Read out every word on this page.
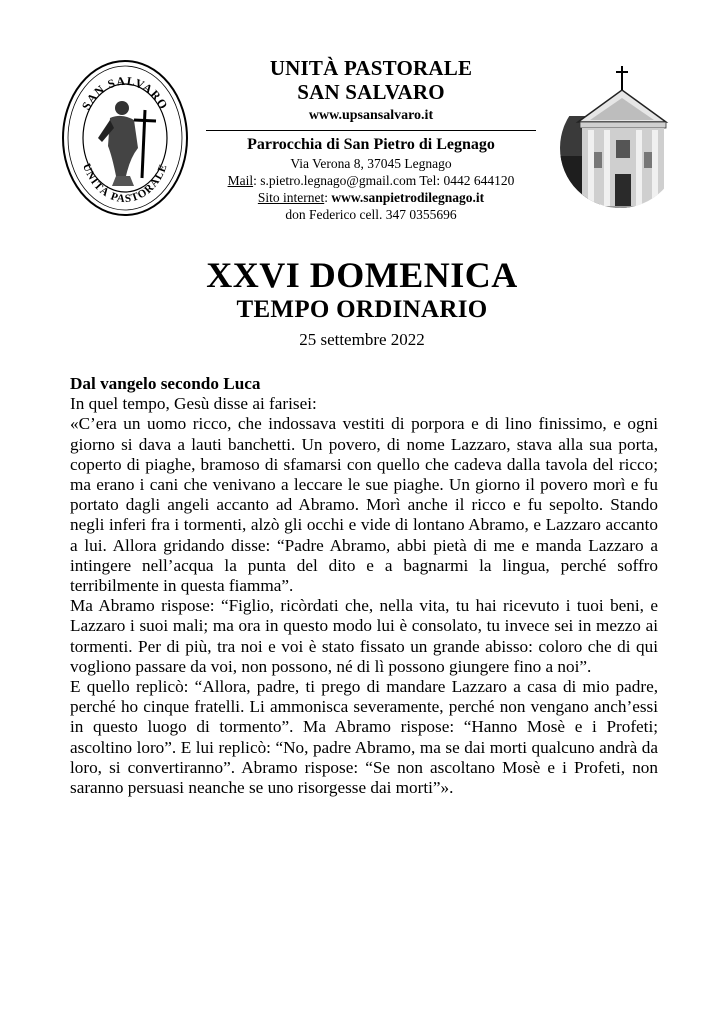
SAN SALVARO
UNITÀ PASTORALE
UNITÀ PASTORALE
SAN SALVARO
www.upsansalvaro.it
Parrocchia di San Pietro di Legnago
Via Verona 8, 37045 Legnago
Mail: s.pietro.legnago@gmail.com Tel: 0442 644120
Sito internet: www.sanpietrodilegnago.it
don Federico cell. 347 0355696
XXVI DOMENICA
TEMPO ORDINARIO
25 settembre 2022
Dal vangelo secondo Luca

In quel tempo, Gesù disse ai farisei:

«C’era un uomo ricco, che indossava vestiti di porpora e di lino finissimo, e ogni giorno si dava a lauti banchetti. Un povero, di nome Lazzaro, stava alla sua porta, coperto di piaghe, bramoso di sfamarsi con quello che cadeva dalla tavola del ricco; ma erano i cani che venivano a leccare le sue piaghe. Un giorno il povero morì e fu portato dagli angeli accanto ad Abramo. Morì anche il ricco e fu sepolto. Stando negli inferi fra i tormenti, alzò gli occhi e vide di lontano Abramo, e Lazzaro accanto a lui. Allora gridando disse: “Padre Abramo, abbi pietà di me e manda Lazzaro a intingere nell’acqua la punta del dito e a bagnarmi la lingua, perché soffro terribilmente in questa fiamma”.

Ma Abramo rispose: “Figlio, ricòrdati che, nella vita, tu hai ricevuto i tuoi beni, e Lazzaro i suoi mali; ma ora in questo modo lui è consolato, tu invece sei in mezzo ai tormenti. Per di più, tra noi e voi è stato fissato un grande abisso: coloro che di qui vogliono passare da voi, non possono, né di lì possono giungere fino a noi”.

E quello replicò: “Allora, padre, ti prego di mandare Lazzaro a casa di mio padre, perché ho cinque fratelli. Li ammonisca severamente, perché non vengano anch’essi in questo luogo di tormento”. Ma Abramo rispose: “Hanno Mosè e i Profeti; ascoltino loro”. E lui replicò: “No, padre Abramo, ma se dai morti qualcuno andrà da loro, si convertiranno”. Abramo rispose: “Se non ascoltano Mosè e i Profeti, non saranno persuasi neanche se uno risorgesse dai morti”».
